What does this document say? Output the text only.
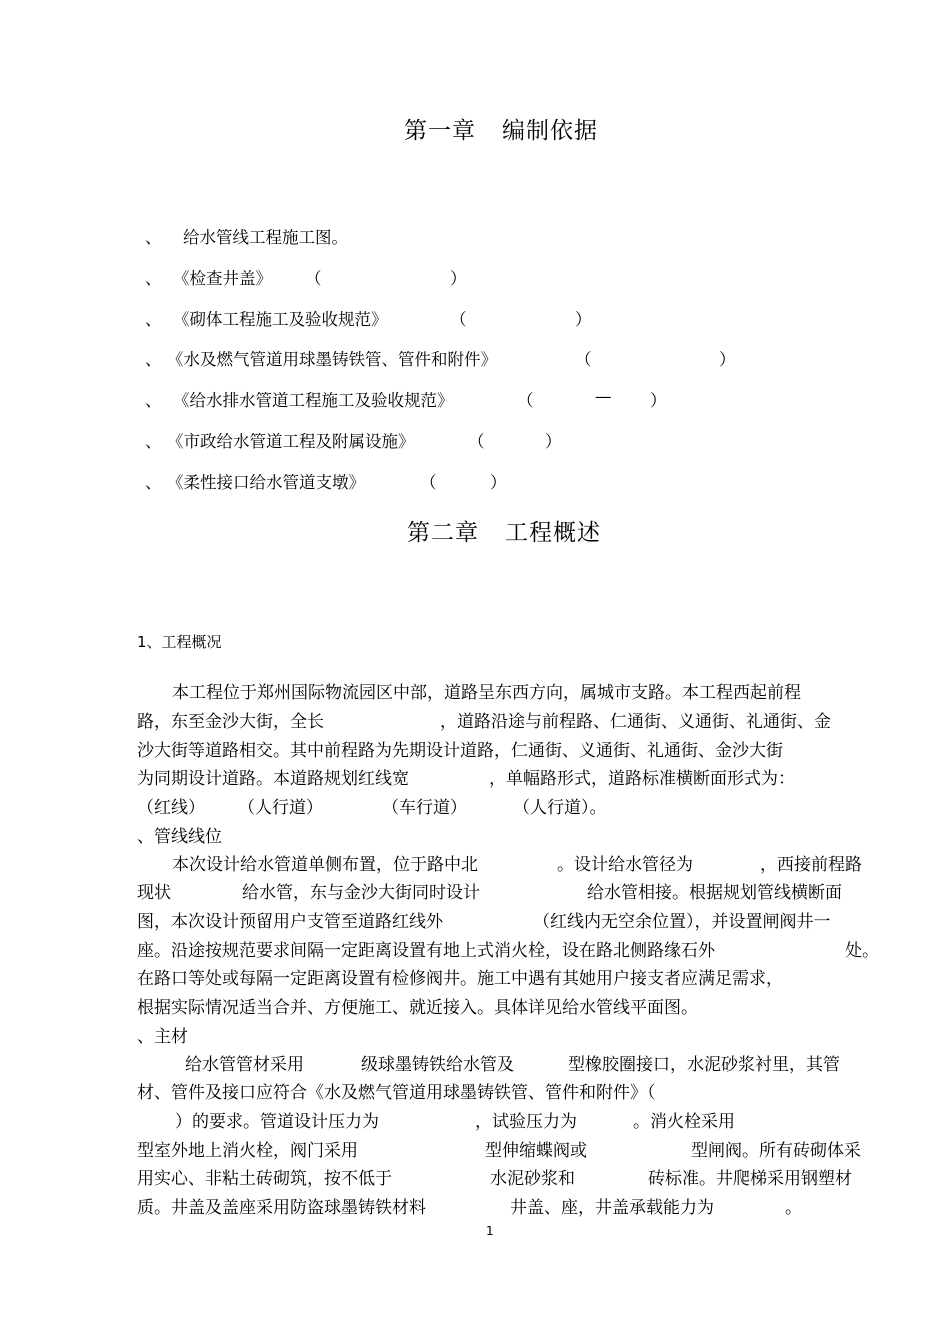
第一章 编制依据
、 给水管线工程施工图。
、 《检查井盖》 （	）
、 《砌体工程施工及验收规范》	（	）
、 《水及燃气管道用球墨铸铁管、管件和附件》	（	）
、 《给水排水管道工程施工及验收规范》	（	— ）
、 《市政给水管道工程及附属设施》	（	）
、 《柔性接口给水管道支墩》	（	）
第二章 工程概述
1、工程概况
本工程位于郑州国际物流园区中部，道路呈东西方向，属城市支路。本工程西起前程
路，东至金沙大街，全长	，道路沿途与前程路、仁通街、义通街、礼通街、金
沙大街等道路相交。其中前程路为先期设计道路，仁通街、义通街、礼通街、金沙大街
为同期设计道路。本道路规划红线宽	，单幅路形式，道路标准横断面形式为：
（红线） （人行道）	（车行道）	（人行道）。
、管线线位
本次设计给水管道单侧布置，位于路中北	。设计给水管径为	，西接前程路
现状	给水管，东与金沙大街同时设计	给水管相接。根据规划管线横断面
图，本次设计预留用户支管至道路红线外	（红线内无空余位置），并设置闸阀井一
座。沿途按规范要求间隔一定距离设置有地上式消火栓，设在路北侧路缘石外	处。
在路口等处或每隔一定距离设置有检修阀井。施工中遇有其她用户接支者应满足需求，
根据实际情况适当合并、方便施工、就近接入。具体详见给水管线平面图。
、主材
给水管管材采用	级球墨铸铁给水管及	型橡胶圈接口，水泥砂浆衬里，其管
材、管件及接口应符合《水及燃气管道用球墨铸铁管、管件和附件》（
）的要求。管道设计压力为	，试验压力为	。消火栓采用
型室外地上消火栓，阀门采用	型伸缩蝶阀或	型闸阀。所有砖砌体采
用实心、非粘土砖砌筑，按不低于	水泥砂浆和	砖标准。井爬梯采用钢塑材
质。井盖及盖座采用防盗球墨铸铁材料	井盖、座，井盖承载能力为	。
1
